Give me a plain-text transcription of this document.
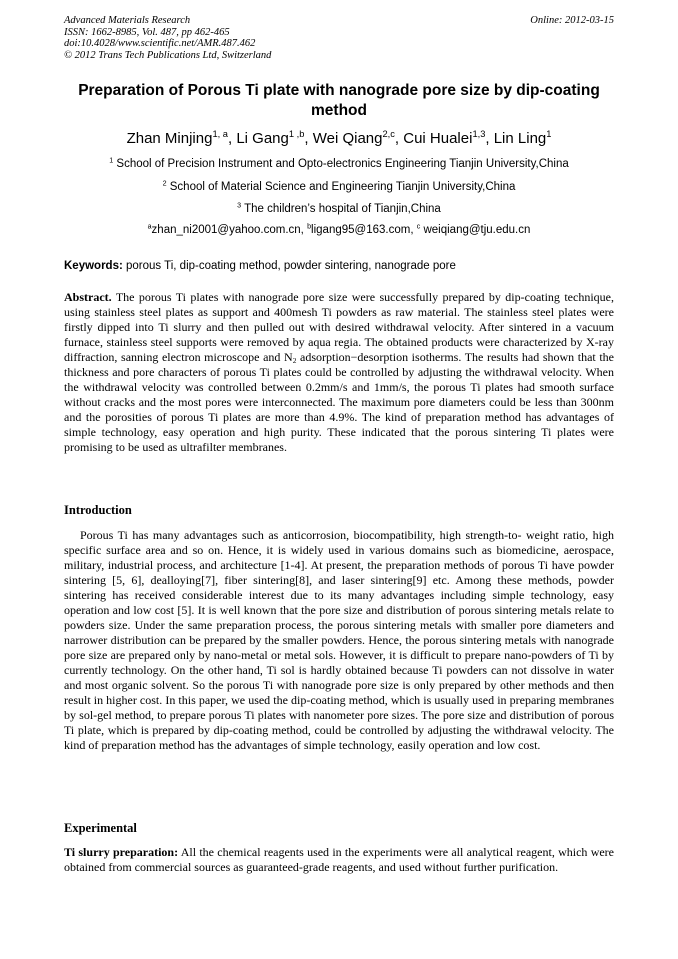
Advanced Materials Research
ISSN: 1662-8985, Vol. 487, pp 462-465
doi:10.4028/www.scientific.net/AMR.487.462
© 2012 Trans Tech Publications Ltd, Switzerland
Online: 2012-03-15
Preparation of Porous Ti plate with nanograde pore size by dip-coating
method
Zhan Minjing$^{1, a}$, Li Gang$^{1 ,b}$, Wei Qiang$^{2,c}$, Cui Hualei$^{1,3}$, Lin Ling$^1$
$^1$ School of Precision Instrument and Opto-electronics Engineering Tianjin University,China
$^2$ School of Material Science and Engineering Tianjin University,China
$^3$ The children’s hospital of Tianjin,China
$^a$zhan_ni2001@yahoo.com.cn, $^b$ligang95@163.com, $^c$ weiqiang@tju.edu.cn
Keywords: porous Ti, dip-coating method, powder sintering, nanograde pore

Abstract. The porous Ti plates with nanograde pore size were successfully prepared by dip-coating technique, using stainless steel plates as support and 400mesh Ti powders as raw material. The stainless steel plates were firstly dipped into Ti slurry and then pulled out with desired withdrawal velocity. After sintered in a vacuum furnace, stainless steel supports were removed by aqua regia. The obtained products were characterized by X-ray diffraction, sanning electron microscope and $N_2$ adsorption−desorption isotherms. The results had shown that the thickness and pore characters of porous Ti plates could be controlled by adjusting the withdrawal velocity. When the withdrawal velocity was controlled between 0.2mm/s and 1mm/s, the porous Ti plates had smooth surface without cracks and the most pores were interconnected. The maximum pore diameters could be less than 300nm and the porosities of porous Ti plates are more than 4.9%. The kind of preparation method has advantages of simple technology, easy operation and high purity. These indicated that the porous sintering Ti plates were promising to be used as ultrafilter membranes.

Introduction

Porous Ti has many advantages such as anticorrosion, biocompatibility, high strength-to- weight ratio, high specific surface area and so on. Hence, it is widely used in various domains such as biomedicine, aerospace, military, industrial process, and architecture [1-4]. At present, the preparation methods of porous Ti have powder sintering [5, 6], dealloying[7], fiber sintering[8], and laser sintering[9] etc. Among these methods, powder sintering has received considerable interest due to its many advantages including simple technology, easy operation and low cost [5]. It is well known that the pore size and distribution of porous sintering metals relate to powders size. Under the same preparation process, the porous sintering metals with smaller pore diameters and narrower distribution can be prepared by the smaller powders. Hence, the porous sintering metals with nanograde pore size are prepared only by nano-metal or metal sols. However, it is difficult to prepare nano-powders of Ti by currently technology. On the other hand, Ti sol is hardly obtained because Ti powders can not dissolve in water and most organic solvent. So the porous Ti with nanograde pore size is only prepared by other methods and then result in higher cost. In this paper, we used the dip-coating method, which is usually used in preparing membranes by sol-gel method, to prepare porous Ti plates with nanometer pore sizes. The pore size and distribution of porous Ti plate, which is prepared by dip-coating method, could be controlled by adjusting the withdrawal velocity. The kind of preparation method has the advantages of simple technology, easily operation and low cost.

Experimental

Ti slurry preparation: All the chemical reagents used in the experiments were all analytical reagent, which were obtained from commercial sources as guaranteed-grade reagents, and used without further purification.
